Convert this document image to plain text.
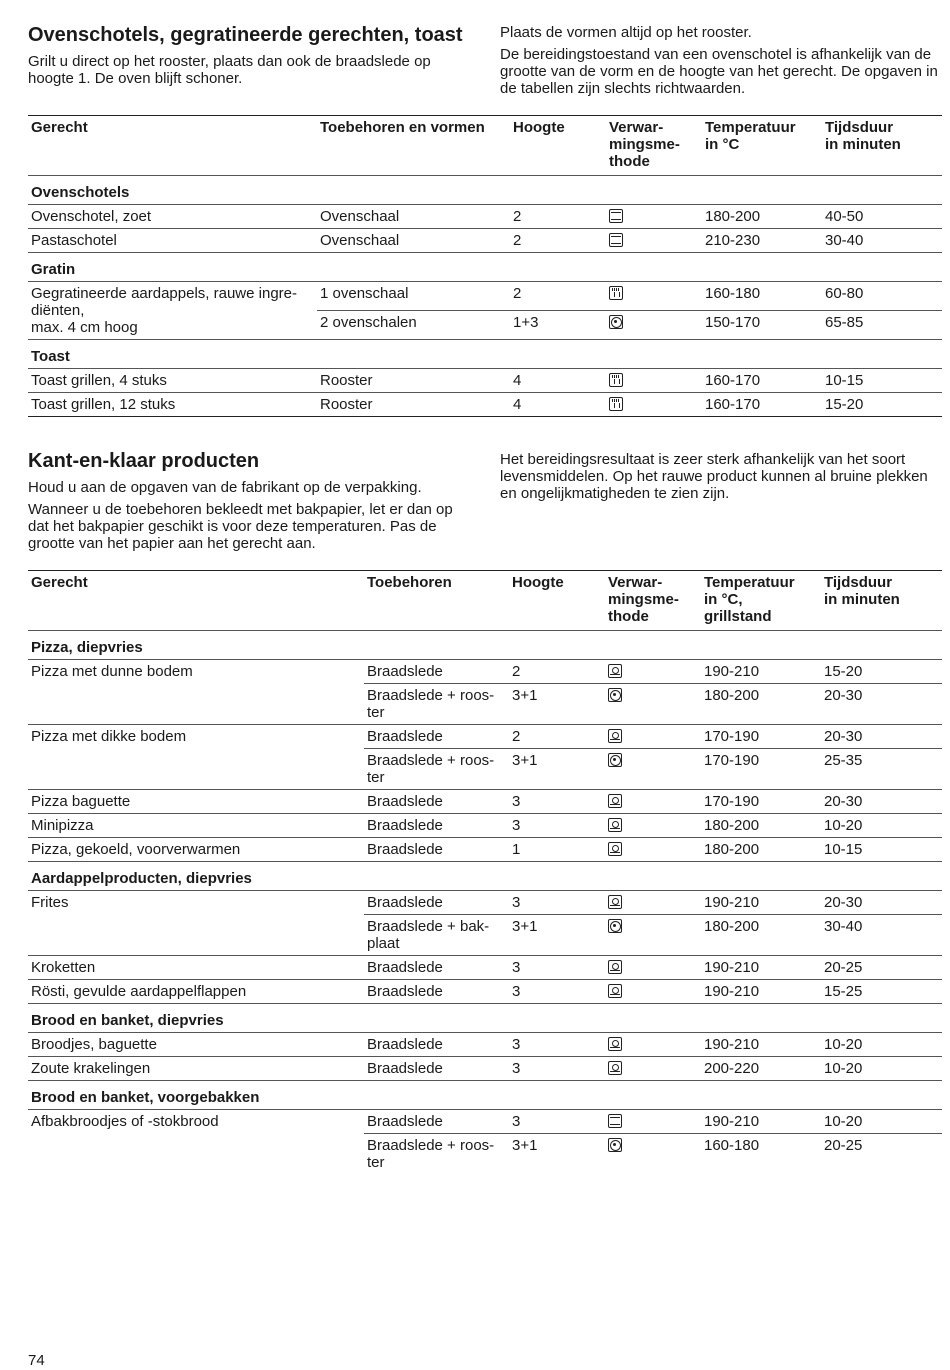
Ovenschotels, gegratineerde gerechten, toast

Grilt u direct op het rooster, plaats dan ook de braadslede op hoogte 1. De oven blijft schoner.

Plaats de vormen altijd op het rooster.

De bereidingstoestand van een ovenschotel is afhankelijk van de grootte van de vorm en de hoogte van het gerecht. De opgaven in de tabellen zijn slechts richtwaarden.

Gerecht	Toebehoren en vormen	Hoogte	Verwar-
mingsme-
thode	Temperatuur
in °C	Tijdsduur
in minuten
Ovenschotels					
Ovenschotel, zoet	Ovenschaal	2		180-200	40-50
Pastaschotel	Ovenschaal	2		210-230	30-40
Gratin					
Gegratineerde aardappels, rauwe ingre-
diënten,
max. 4 cm hoog	1 ovenschaal	2		160-180	60-80
	2 ovenschalen	1+3		150-170	65-85
Toast					
Toast grillen, 4 stuks	Rooster	4		160-170	10-15
Toast grillen, 12 stuks	Rooster	4		160-170	15-20
Kant-en-klaar producten

Houd u aan de opgaven van de fabrikant op de verpakking.

Wanneer u de toebehoren bekleedt met bakpapier, let er dan op dat het bakpapier geschikt is voor deze temperaturen. Pas de grootte van het papier aan het gerecht aan.

Het bereidingsresultaat is zeer sterk afhankelijk van het soort levensmiddelen. Op het rauwe product kunnen al bruine plekken en ongelijkmatigheden te zien zijn.

Gerecht	Toebehoren	Hoogte	Verwar-
mingsme-
thode	Temperatuur
in °C,
grillstand	Tijdsduur
in minuten
Pizza, diepvries					
Pizza met dunne bodem	Braadslede	2		190-210	15-20
	Braadslede + roos-
ter	3+1		180-200	20-30
Pizza met dikke bodem	Braadslede	2		170-190	20-30
	Braadslede + roos-
ter	3+1		170-190	25-35
Pizza baguette	Braadslede	3		170-190	20-30
Minipizza	Braadslede	3		180-200	10-20
Pizza, gekoeld, voorverwarmen	Braadslede	1		180-200	10-15
Aardappelproducten, diepvries					
Frites	Braadslede	3		190-210	20-30
	Braadslede + bak-
plaat	3+1		180-200	30-40
Kroketten	Braadslede	3		190-210	20-25
Rösti, gevulde aardappelflappen	Braadslede	3		190-210	15-25
Brood en banket, diepvries					
Broodjes, baguette	Braadslede	3		190-210	10-20
Zoute krakelingen	Braadslede	3		200-220	10-20
Brood en banket, voorgebakken					
Afbakbroodjes of -stokbrood	Braadslede	3		190-210	10-20
	Braadslede + roos-
ter	3+1		160-180	20-25
74
